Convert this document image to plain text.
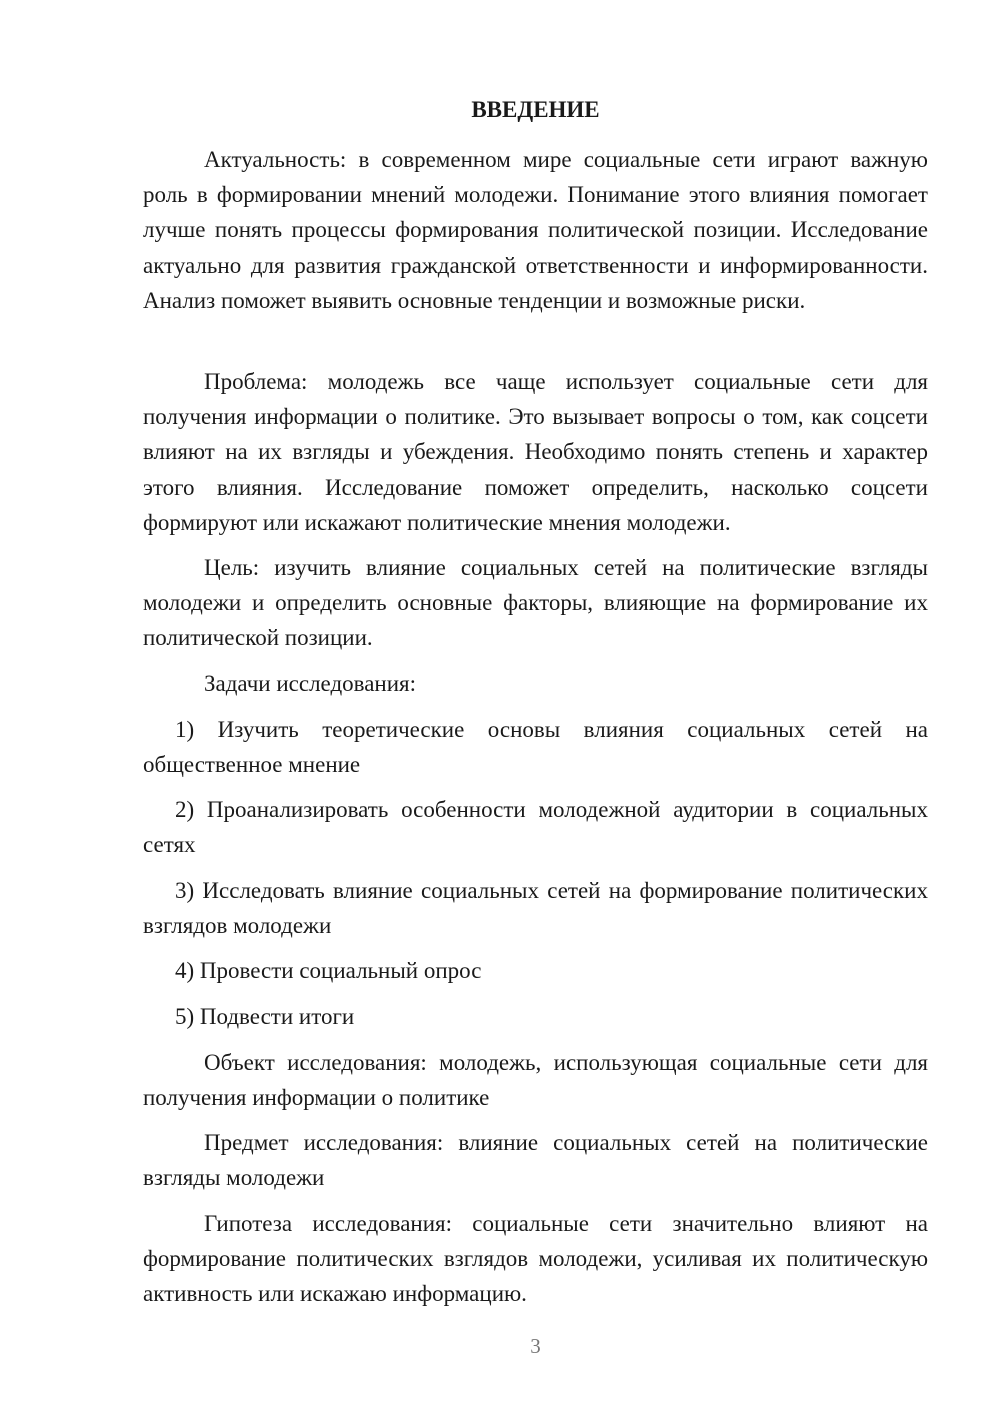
ВВЕДЕНИЕ

Актуальность: в современном мире социальные сети играют важную роль в формировании мнений молодежи. Понимание этого влияния помогает лучше понять процессы формирования политической позиции. Исследование актуально для развития гражданской ответственности и информированности. Анализ поможет выявить основные тенденции и возможные риски.

Проблема: молодежь все чаще использует социальные сети для получения информации о политике. Это вызывает вопросы о том, как соцсети влияют на их взгляды и убеждения. Необходимо понять степень и характер этого влияния. Исследование поможет определить, насколько соцсети формируют или искажают политические мнения молодежи.

Цель: изучить влияние социальных сетей на политические взгляды молодежи и определить основные факторы, влияющие на формирование их политической позиции.

Задачи исследования:

1) Изучить теоретические основы влияния социальных сетей на общественное мнение

2) Проанализировать особенности молодежной аудитории в социальных сетях

3) Исследовать влияние социальных сетей на формирование политических взглядов молодежи

4) Провести социальный опрос

5) Подвести итоги

Объект исследования: молодежь, использующая социальные сети для получения информации о политике

Предмет исследования: влияние социальных сетей на политические взгляды молодежи

Гипотеза исследования: социальные сети значительно влияют на формирование политических взглядов молодежи, усиливая их политическую активность или искажаю информацию.

3
